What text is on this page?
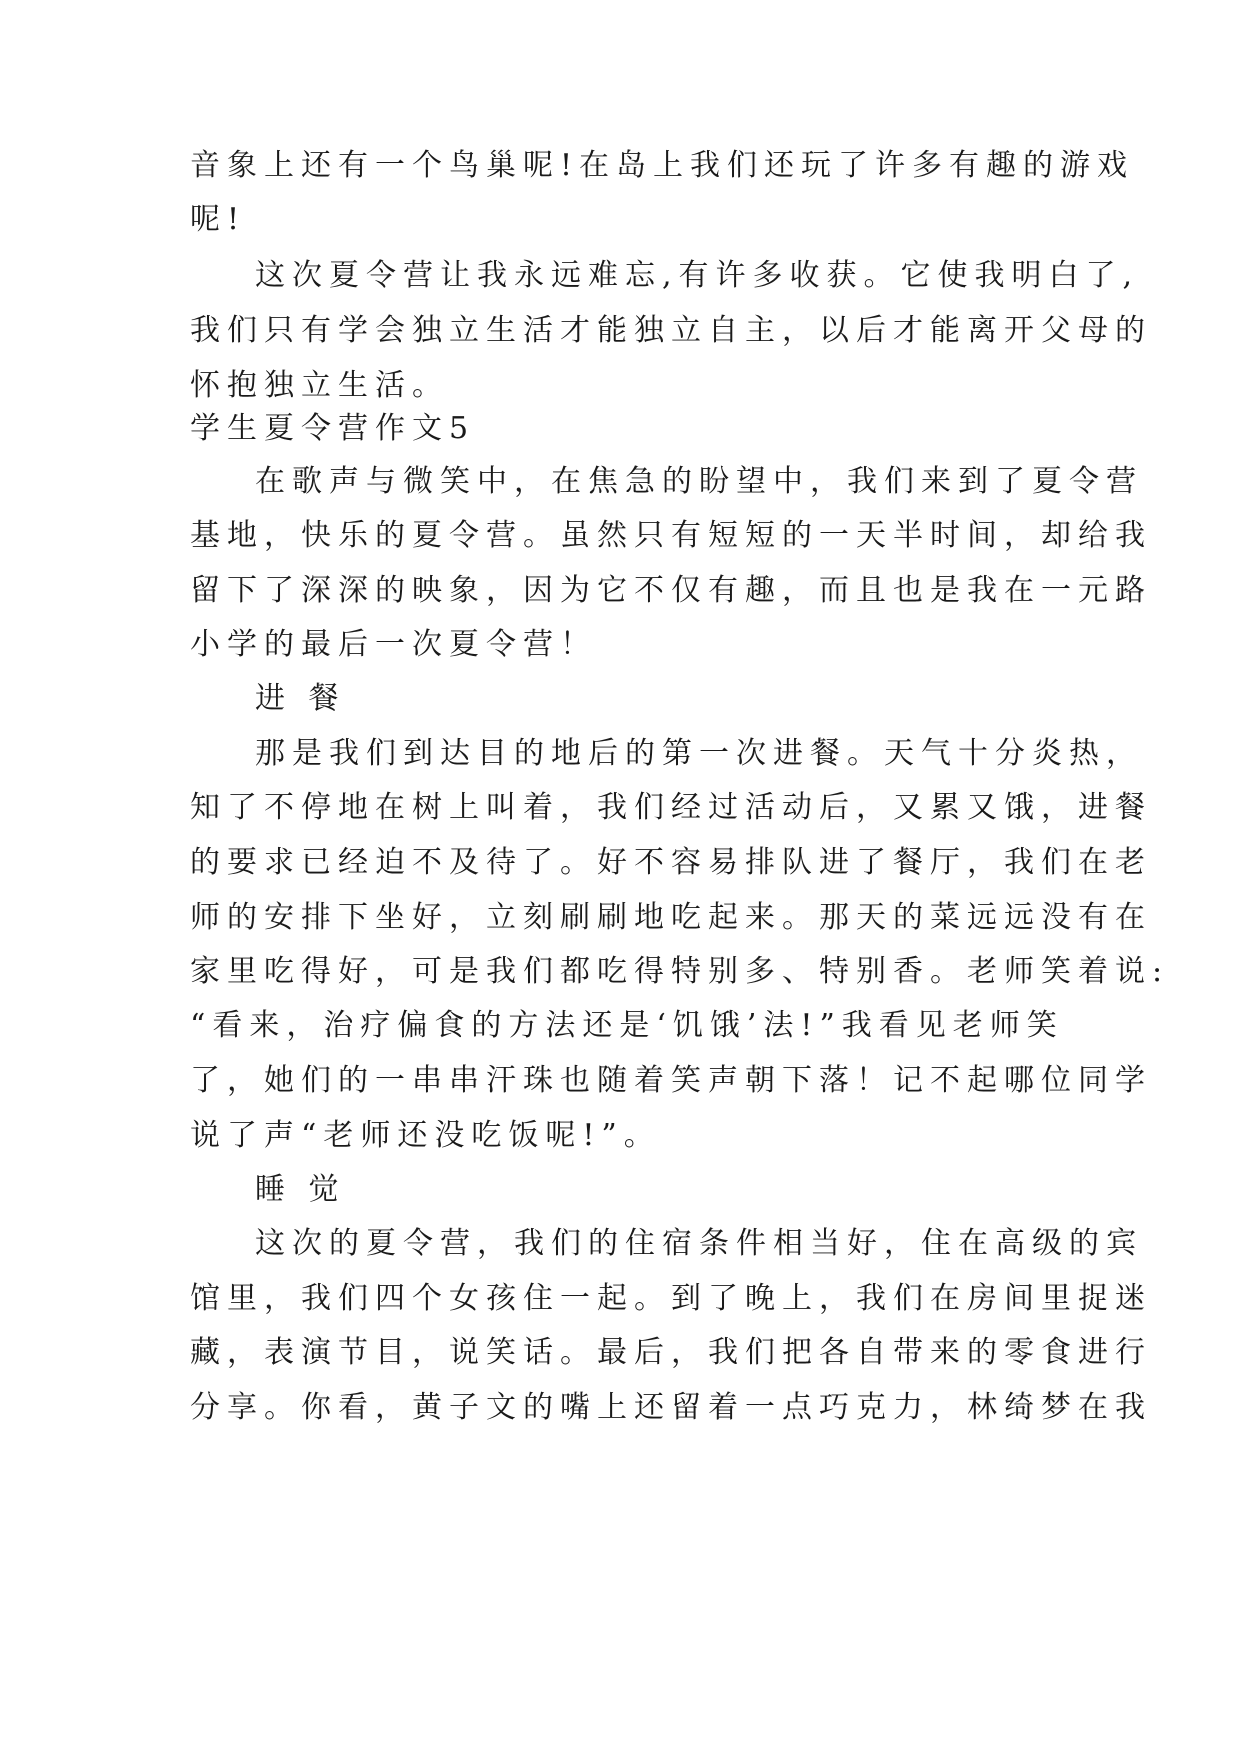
音象上还有一个鸟巢呢!在岛上我们还玩了许多有趣的游戏
呢!
这次夏令营让我永远难忘,有许多收获。它使我明白了,
我们只有学会独立生活才能独立自主，以后才能离开父母的
怀抱独立生活。
学生夏令营作文5
在歌声与微笑中，在焦急的盼望中，我们来到了夏令营
基地，快乐的夏令营。虽然只有短短的一天半时间，却给我
留下了深深的映象，因为它不仅有趣，而且也是我在一元路
小学的最后一次夏令营！
进 餐
那是我们到达目的地后的第一次进餐。天气十分炎热，
知了不停地在树上叫着，我们经过活动后，又累又饿，进餐
的要求已经迫不及待了。好不容易排队进了餐厅，我们在老
师的安排下坐好，立刻刷刷地吃起来。那天的菜远远没有在
家里吃得好，可是我们都吃得特别多、特别香。老师笑着说:
“看来，治疗偏食的方法还是‘饥饿’法!”我看见老师笑
了，她们的一串串汗珠也随着笑声朝下落！记不起哪位同学
说了声“老师还没吃饭呢!”。
睡 觉
这次的夏令营，我们的住宿条件相当好，住在高级的宾
馆里，我们四个女孩住一起。到了晚上，我们在房间里捉迷
藏，表演节目，说笑话。最后，我们把各自带来的零食进行
分享。你看，黄子文的嘴上还留着一点巧克力，林绮梦在我
